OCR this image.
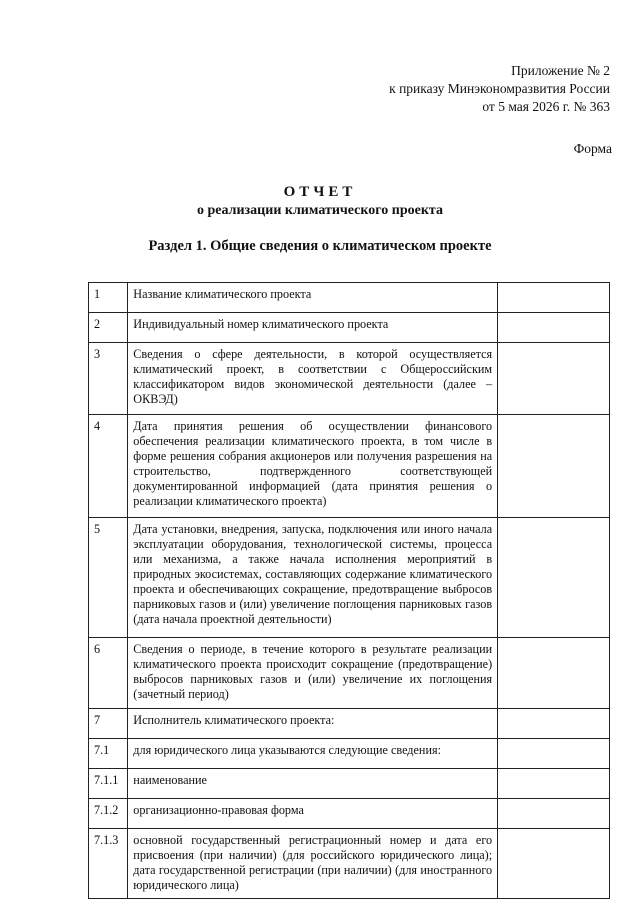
Приложение № 2
к приказу Минэкономразвития России
от 5 мая 2026 г. № 363
Форма
ОТЧЕТ
о реализации климатического проекта
Раздел 1. Общие сведения о климатическом проекте
1	Название климатического проекта	
2	Индивидуальный номер климатического проекта	
3	Сведения о сфере деятельности, в которой осуществляется климатический проект, в соответствии с Общероссийским классификатором видов экономической деятельности (далее – ОКВЭД)	
4	Дата принятия решения об осуществлении финансового обеспечения реализации климатического проекта, в том числе в форме решения собрания акционеров или получения разрешения на строительство, подтвержденного соответствующей документированной информацией (дата принятия решения о реализации климатического проекта)	
5	Дата установки, внедрения, запуска, подключения или иного начала эксплуатации оборудования, технологической системы, процесса или механизма, а также начала исполнения мероприятий в природных экосистемах, составляющих содержание климатического проекта и обеспечивающих сокращение, предотвращение выбросов парниковых газов и (или) увеличение поглощения парниковых газов (дата начала проектной деятельности)	
6	Сведения о периоде, в течение которого в результате реализации климатического проекта происходит сокращение (предотвращение) выбросов парниковых газов и (или) увеличение их поглощения (зачетный период)	
7	Исполнитель климатического проекта:	
7.1	для юридического лица указываются следующие сведения:	
7.1.1	наименование	
7.1.2	организационно-правовая форма	
7.1.3	основной государственный регистрационный номер и дата его присвоения (при наличии) (для российского юридического лица); дата государственной регистрации (при наличии) (для иностранного юридического лица)	
